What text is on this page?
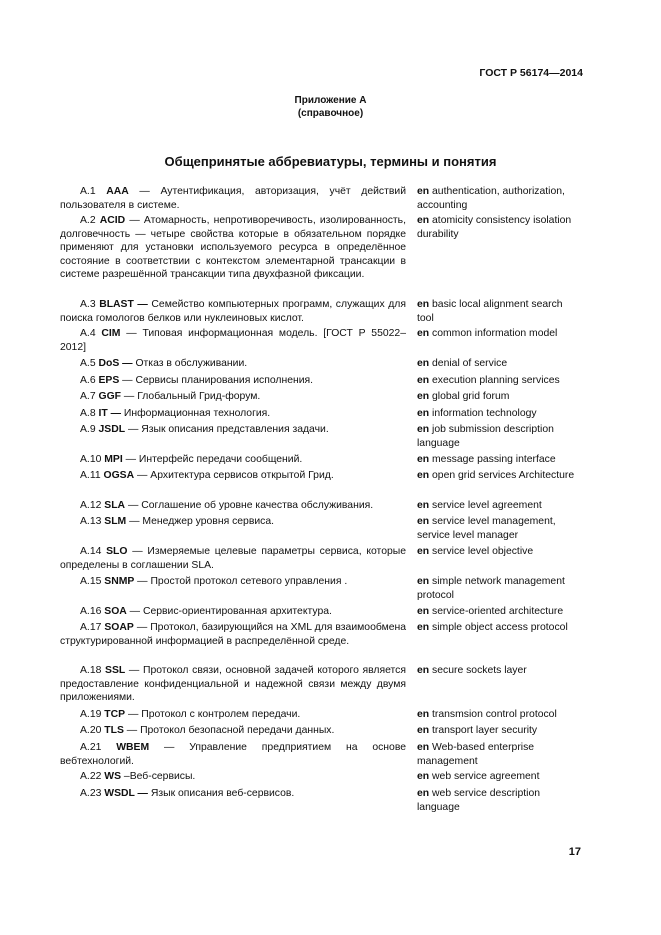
ГОСТ Р 56174—2014
Приложение А
(справочное)
Общепринятые аббревиатуры, термины и понятия
А.1 AAA — Аутентификация, авторизация, учёт действий пользователя в системе.
en authentication, authorization, accounting
А.2 ACID — Атомарность, непротиворечивость, изолированность, долговечность — четыре свойства которые в обязательном порядке применяют для установки используемого ресурса в определённое состояние в соответствии с контекстом элементарной трансакции в системе разрешённой трансакции типа двухфазной фиксации.
en atomicity consistency isolation durability
А.3 BLAST — Семейство компьютерных программ, служащих для поиска гомологов белков или нуклеиновых кислот.
en basic local alignment search tool
А.4 CIM — Типовая информационная модель. [ГОСТ Р 55022–2012]
en common information model
А.5 DoS — Отказ в обслуживании.	en denial of service
А.6 EPS — Сервисы планирования исполнения.	en execution planning services
А.7 GGF — Глобальный Грид-форум.	en global grid forum
А.8 IT — Информационная технология.	en information technology
А.9 JSDL — Язык описания представления задачи.	en job submission description language
А.10 MPI — Интерфейс передачи сообщений.	en message passing interface
А.11 OGSA — Архитектура сервисов открытой Грид.	en open grid services Architecture
А.12 SLA — Соглашение об уровне качества обслуживания.	en service level agreement
А.13 SLM — Менеджер уровня сервиса.	en service level management, service level manager
А.14 SLO — Измеряемые целевые параметры сервиса, которые определены в соглашении SLA.
en service level objective
А.15 SNMP — Простой протокол сетевого управления .	en simple network management protocol
А.16 SOA — Сервис-ориентированная архитектура.	en service-oriented architecture
А.17 SOAP — Протокол, базирующийся на XML для взаимообмена структурированной информацией в распределённой среде.
en simple object access protocol
А.18 SSL — Протокол связи, основной задачей которого является предоставление конфиденциальной и надежной связи между двумя приложениями.
en secure sockets layer
А.19 TCP — Протокол с контролем передачи.	en transmsion control protocol
А.20 TLS — Протокол безопасной передачи данных.	en transport layer security
А.21 WBEM — Управление предприятием на основе вебтехнологий.
en Web-based enterprise management
А.22 WS –Веб-сервисы.	en web service agreement
А.23 WSDL — Язык описания веб-сервисов.	en web service description language
17
